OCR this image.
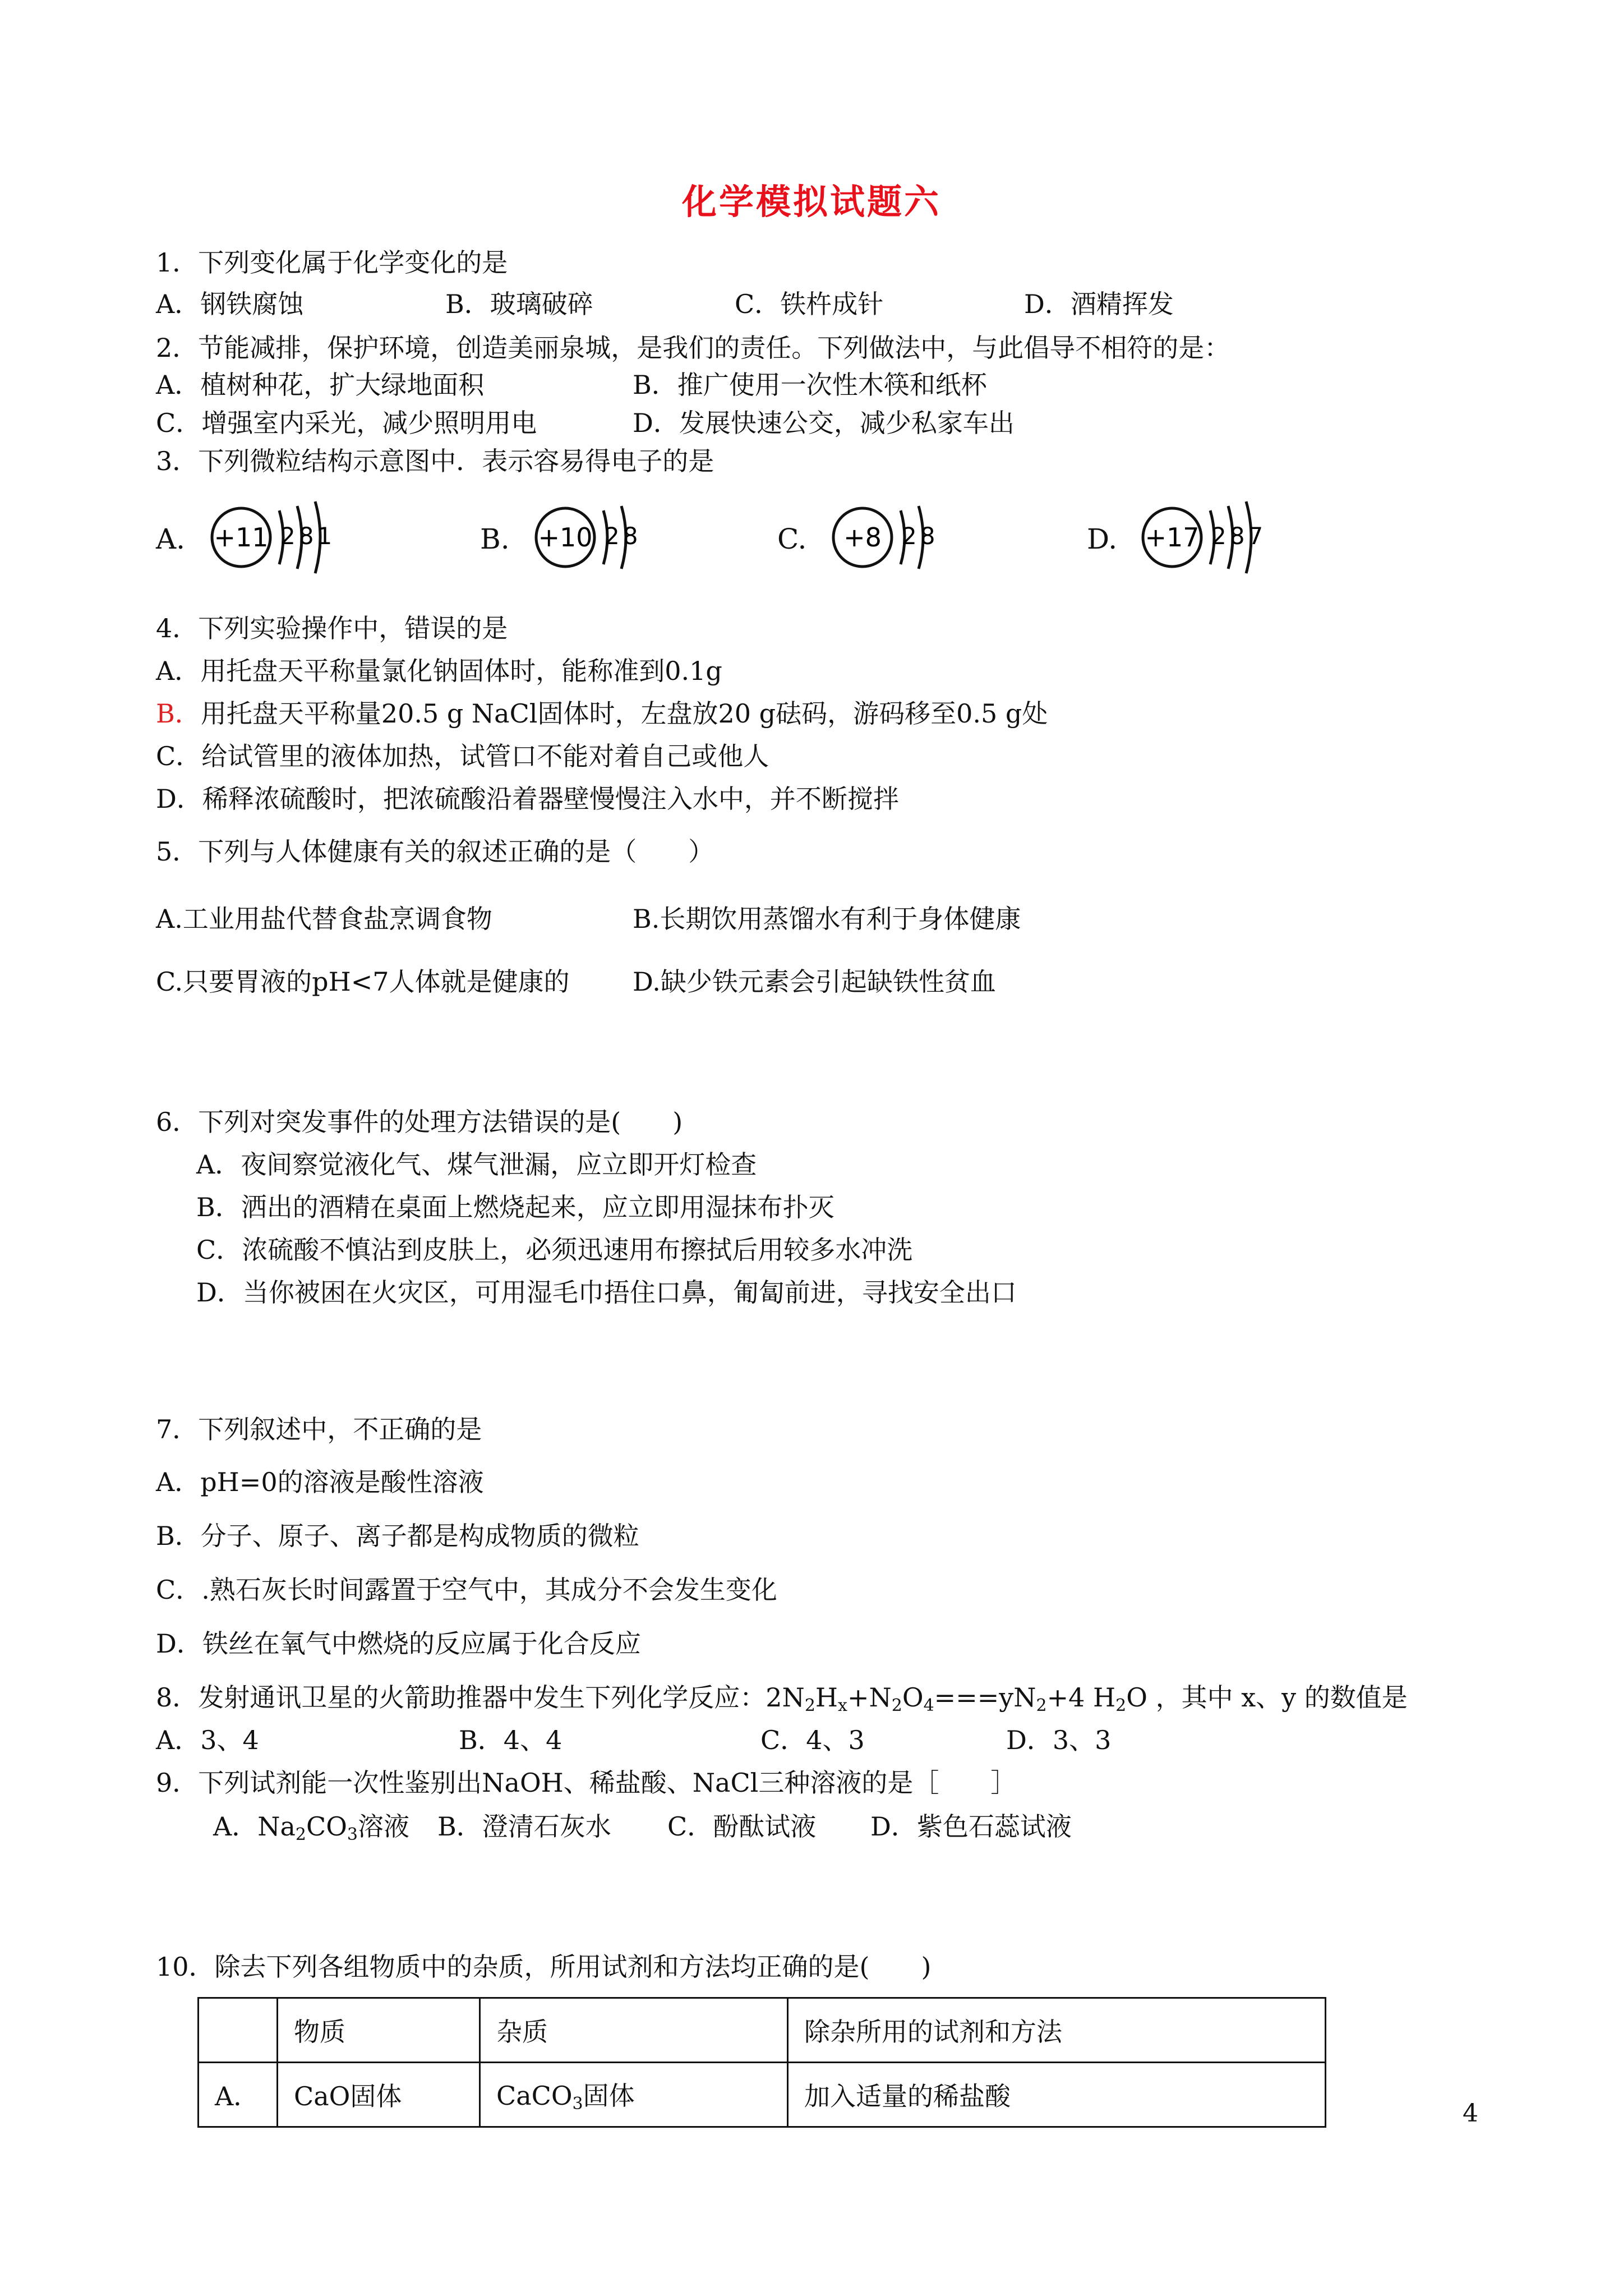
化学模拟试题六
1．下列变化属于化学变化的是
A．钢铁腐蚀	B．玻璃破碎	C．铁杵成针	D．酒精挥发
2．节能减排，保护环境，创造美丽泉城，是我们的责任。下列做法中，与此倡导不相符的是：
A．植树种花，扩大绿地面积	B．推广使用一次性木筷和纸杯
C．增强室内采光，减少照明用电	D．发展快速公交，减少私家车出
3．下列微粒结构示意图中．表示容易得电子的是
A. +11 281	B. +10 28	C. +8 28	D. +17 287
4．下列实验操作中，错误的是
A．用托盘天平称量氯化钠固体时，能称准到0.1g
B．用托盘天平称量20.5 g NaCl固体时，左盘放20 g砝码，游码移至0.5 g处
C．给试管里的液体加热，试管口不能对着自己或他人
D．稀释浓硫酸时，把浓硫酸沿着器壁慢慢注入水中，并不断搅拌
5．下列与人体健康有关的叙述正确的是（　　）
A.工业用盐代替食盐烹调食物	B.长期饮用蒸馏水有利于身体健康
C.只要胃液的pH<7人体就是健康的 D.缺少铁元素会引起缺铁性贫血
6．下列对突发事件的处理方法错误的是(　　)
A．夜间察觉液化气、煤气泄漏，应立即开灯检查
B．洒出的酒精在桌面上燃烧起来，应立即用湿抹布扑灭
C．浓硫酸不慎沾到皮肤上，必须迅速用布擦拭后用较多水冲洗
D．当你被困在火灾区，可用湿毛巾捂住口鼻，匍匐前进，寻找安全出口
7．下列叙述中，不正确的是
A．pH=0的溶液是酸性溶液
B．分子、原子、离子都是构成物质的微粒
C．.熟石灰长时间露置于空气中，其成分不会发生变化
D．铁丝在氧气中燃烧的反应属于化合反应
8．发射通讯卫星的火箭助推器中发生下列化学反应：$2N_2H_x+N_2O_4===yN_2+4$ $H_2O$ ，其中 x、y 的数值是
A．3、4	B．4、4	C．4、3	D．3、3
9．下列试剂能一次性鉴别出NaOH、稀盐酸、NaCl三种溶液的是［　　］
A．$Na_2CO_3$溶液 B．澄清石灰水 C．酚酞试液 D．紫色石蕊试液
10．除去下列各组物质中的杂质，所用试剂和方法均正确的是(　　)
	物质	杂质	除杂所用的试剂和方法
A．	CaO固体	CaCO$_3$固体	加入适量的稀盐酸
4
